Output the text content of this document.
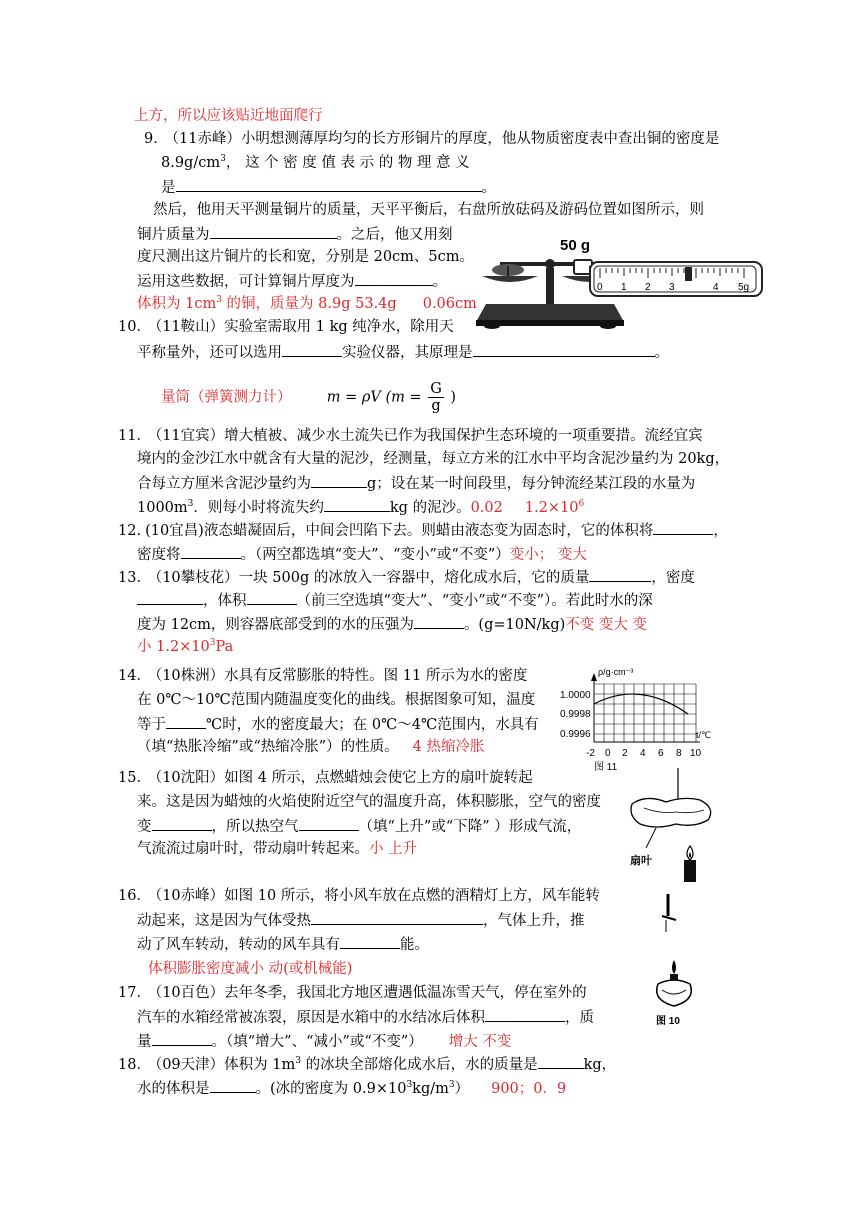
上方，所以应该贴近地面爬行
9． （11赤峰）小明想测薄厚均匀的长方形铜片的厚度，他从物质密度表中查出铜的密度是
$8.9g/cm^3$， 这 个 密 度 值 表 示 的 物 理 意 义
是	。
然后，他用天平测量铜片的质量，天平平衡后，右盘所放砝码及游码位置如图所示，则
铜片质量为	。之后，他又用刻
度尺测出这片铜片的长和宽，分别是 20cm、5cm。
运用这些数据，可计算铜片厚度为	。
体积为 $1cm^3$ 的铜，质量为 8.9g 53.4g 0.06cm
50 g
0 1 2 3	4 5g
10． （11鞍山）实验室需取用 1 kg 纯净水，除用天
平称量外，还可以选用	实验仪器，其原理是	。
量筒（弹簧测力计） m = ρV ($m = \frac{G}{g}$ )
11． （11宜宾）增大植被、减少水土流失已作为我国保护生态环境的一项重要措。流经宜宾
境内的金沙江水中就含有大量的泥沙，经测量，每立方米的江水中平均含泥沙量约为 20kg，
合每立方厘米含泥沙量约为	g；设在某一时间段里，每分钟流经某江段的水量为
$1000m^3$．则每小时将流失约	kg 的泥沙。0.02 $1.2\times 10^6$
12. (10宜昌)液态蜡凝固后，中间会凹陷下去。则蜡由液态变为固态时，它的体积将	，
密度将	。（两空都选填“变大”、“变小”或“不变”）变小； 变大
13． （10攀枝花）一块 500g 的冰放入一容器中，熔化成水后，它的质量	，密度
，体积	（前三空选填“变大”、“变小”或“不变”）。若此时水的深
度为 12cm，则容器底部受到的水的压强为	。(g=10N/kg)不变 变大 变
小 $1.2\times 10^3Pa$
14． （10株洲）水具有反常膨胀的特性。图 11 所示为水的密度
在 0℃～10℃范围内随温度变化的曲线。根据图象可知，温度
等于	℃时，水的密度最大；在 0℃～4℃范围内，水具有
（填“热胀冷缩”或“热缩冷胀”）的性质。 4 热缩冷胀
ρ/g·cm⁻³
1.0000
0.9998
0.9996	t/℃
-2 0 2 4 6 8 10
图 11
15． （10沈阳）如图 4 所示，点燃蜡烛会使它上方的扇叶旋转起
来。这是因为蜡烛的火焰使附近空气的温度升高，体积膨胀，空气的密度
变	，所以热空气	（填“上升”或“下降” ）形成气流，
气流流过扇叶时，带动扇叶转起来。小 上升
扇叶
16． （10赤峰）如图 10 所示，将小风车放在点燃的酒精灯上方，风车能转
动起来，这是因为气体受热	，气体上升，推
动了风车转动，转动的风车具有	能。
体积膨胀密度减小 动(或机械能)
17． （10百色）去年冬季，我国北方地区遭遇低温冻雪天气，停在室外的
汽车的水箱经常被冻裂，原因是水箱中的水结冰后体积	，质
量	。（填“增大”、“减小”或“不变”） 增大 不变
图 10
18． （09天津）体积为 $1m^3$ 的冰块全部熔化成水后，水的质量是	kg，
水的体积是	。(冰的密度为 $0.9\times 10^3kg/m^3$） 900；0．9
